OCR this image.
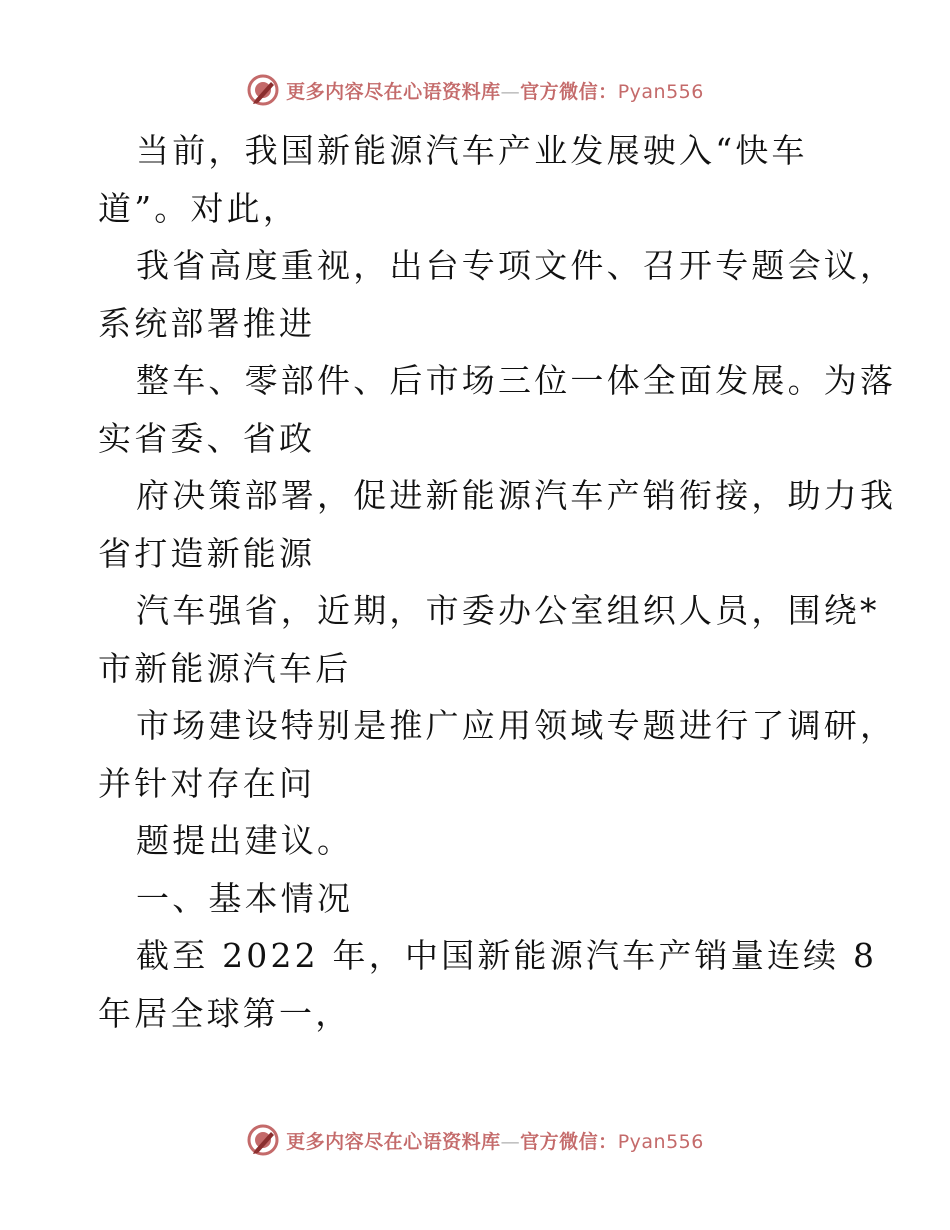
更多内容尽在心语资料库—官方微信：Pyan556
当前，我国新能源汽车产业发展驶入“快车
道”。对此，
我省高度重视，出台专项文件、召开专题会议，
系统部署推进
整车、零部件、后市场三位一体全面发展。为落
实省委、省政
府决策部署，促进新能源汽车产销衔接，助力我
省打造新能源
汽车强省，近期，市委办公室组织人员，围绕*
市新能源汽车后
市场建设特别是推广应用领域专题进行了调研，
并针对存在问
题提出建议。
一、基本情况
截至 2022 年，中国新能源汽车产销量连续 8
年居全球第一，
更多内容尽在心语资料库—官方微信：Pyan556
